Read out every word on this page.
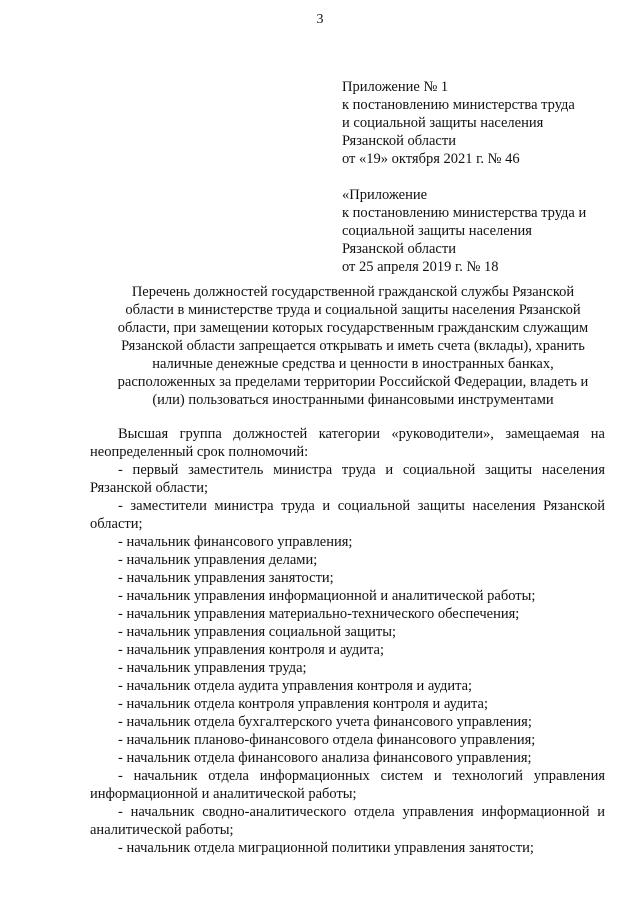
3
Приложение № 1
к постановлению министерства труда
и социальной защиты населения
Рязанской области
от «19» октября 2021 г. № 46
«Приложение
к постановлению министерства труда и
социальной защиты населения
Рязанской области
от 25 апреля 2019 г. № 18
Перечень должностей государственной гражданской службы Рязанской
области в министерстве труда и социальной защиты населения Рязанской
области, при замещении которых государственным гражданским служащим
Рязанской области запрещается открывать и иметь счета (вклады), хранить
наличные денежные средства и ценности в иностранных банках,
расположенных за пределами территории Российской Федерации, владеть и
(или) пользоваться иностранными финансовыми инструментами

Высшая группа должностей категории «руководители», замещаемая на неопределенный срок полномочий:

- первый заместитель министра труда и социальной защиты населения Рязанской области;

- заместители министра труда и социальной защиты населения Рязанской области;

- начальник финансового управления;

- начальник управления делами;

- начальник управления занятости;

- начальник управления информационной и аналитической работы;

- начальник управления материально-технического обеспечения;

- начальник управления социальной защиты;

- начальник управления контроля и аудита;

- начальник управления труда;

- начальник отдела аудита управления контроля и аудита;

- начальник отдела контроля управления контроля и аудита;

- начальник отдела бухгалтерского учета финансового управления;

- начальник планово-финансового отдела финансового управления;

- начальник отдела финансового анализа финансового управления;

- начальник отдела информационных систем и технологий управления информационной и аналитической работы;

- начальник сводно-аналитического отдела управления информационной и аналитической работы;

- начальник отдела миграционной политики управления занятости;
